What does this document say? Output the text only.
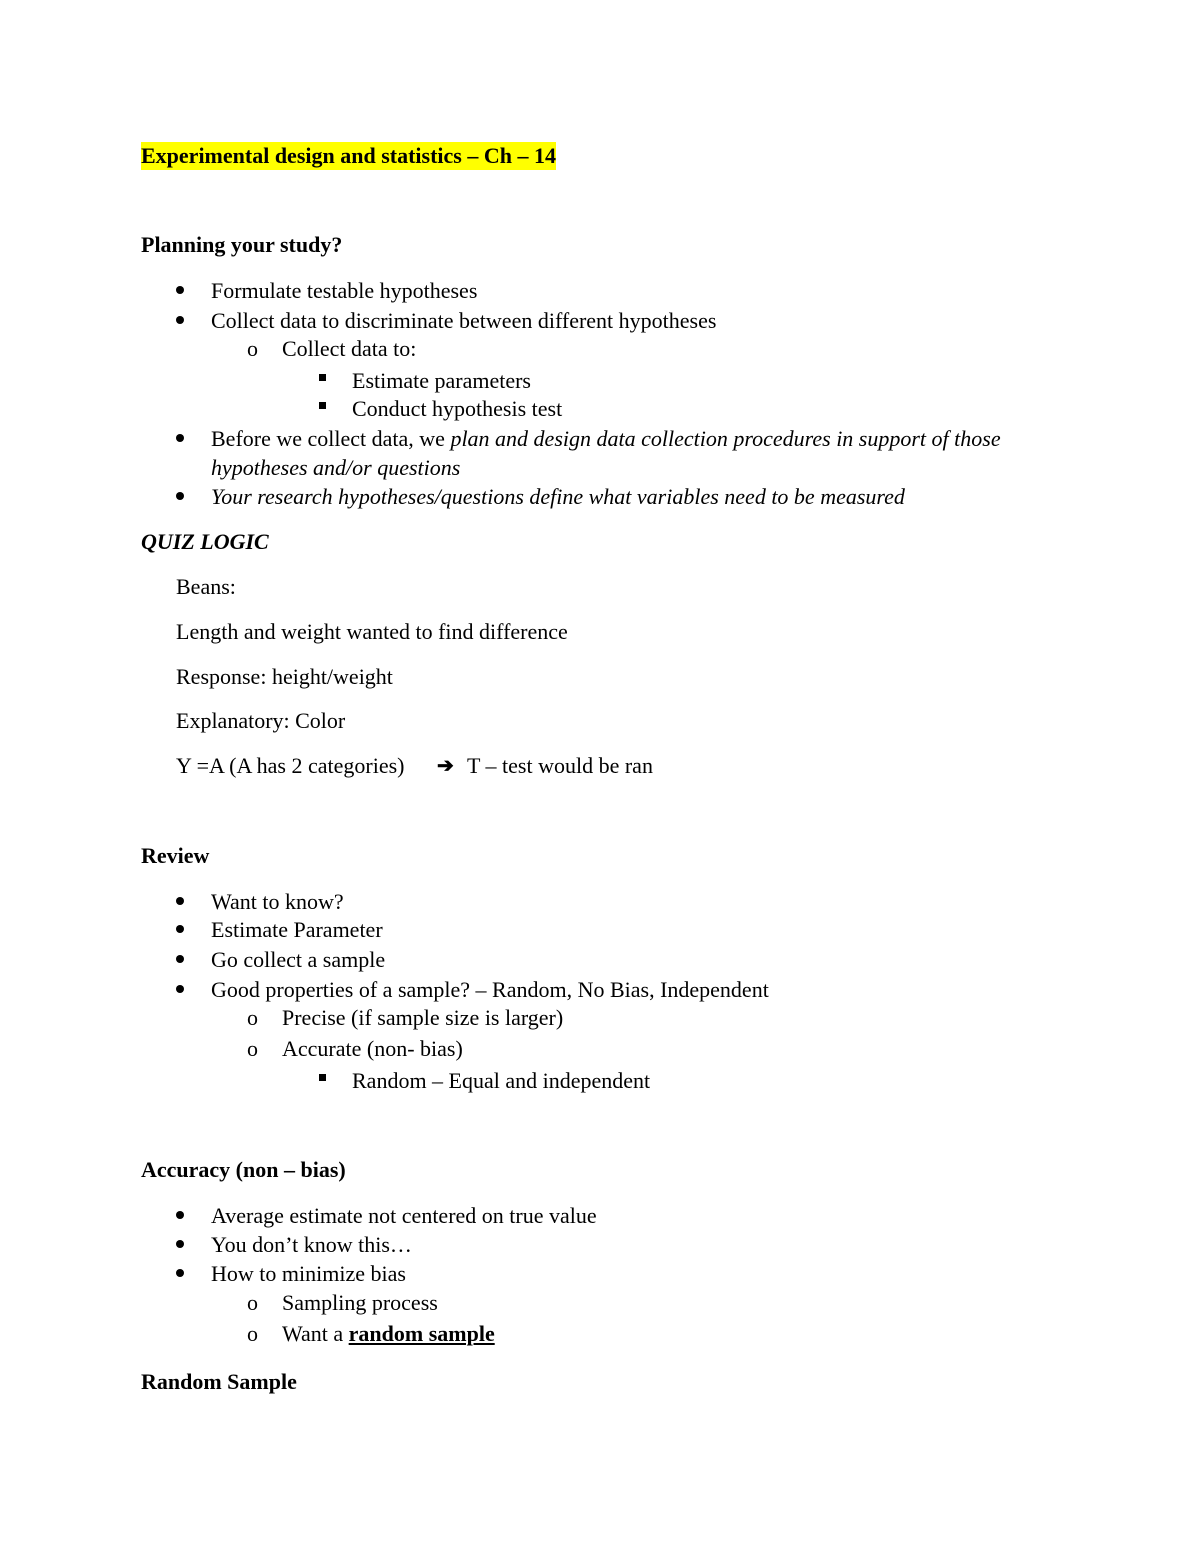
Experimental design and statistics – Ch – 14
Planning your study?
Formulate testable hypotheses
Collect data to discriminate between different hypotheses
o Collect data to:
Estimate parameters
Conduct hypothesis test
Before we collect data, we plan and design data collection procedures in support of those
hypotheses and/or questions
Your research hypotheses/questions define what variables need to be measured
QUIZ LOGIC
Beans:
Length and weight wanted to find difference
Response: height/weight
Explanatory: Color
Y =A (A has 2 categories) ➔ T – test would be ran
Review
Want to know?
Estimate Parameter
Go collect a sample
Good properties of a sample? – Random, No Bias, Independent
o Precise (if sample size is larger)
o Accurate (non- bias)
Random – Equal and independent
Accuracy (non – bias)
Average estimate not centered on true value
You don’t know this…
How to minimize bias
o Sampling process
o Want a random sample
Random Sample
